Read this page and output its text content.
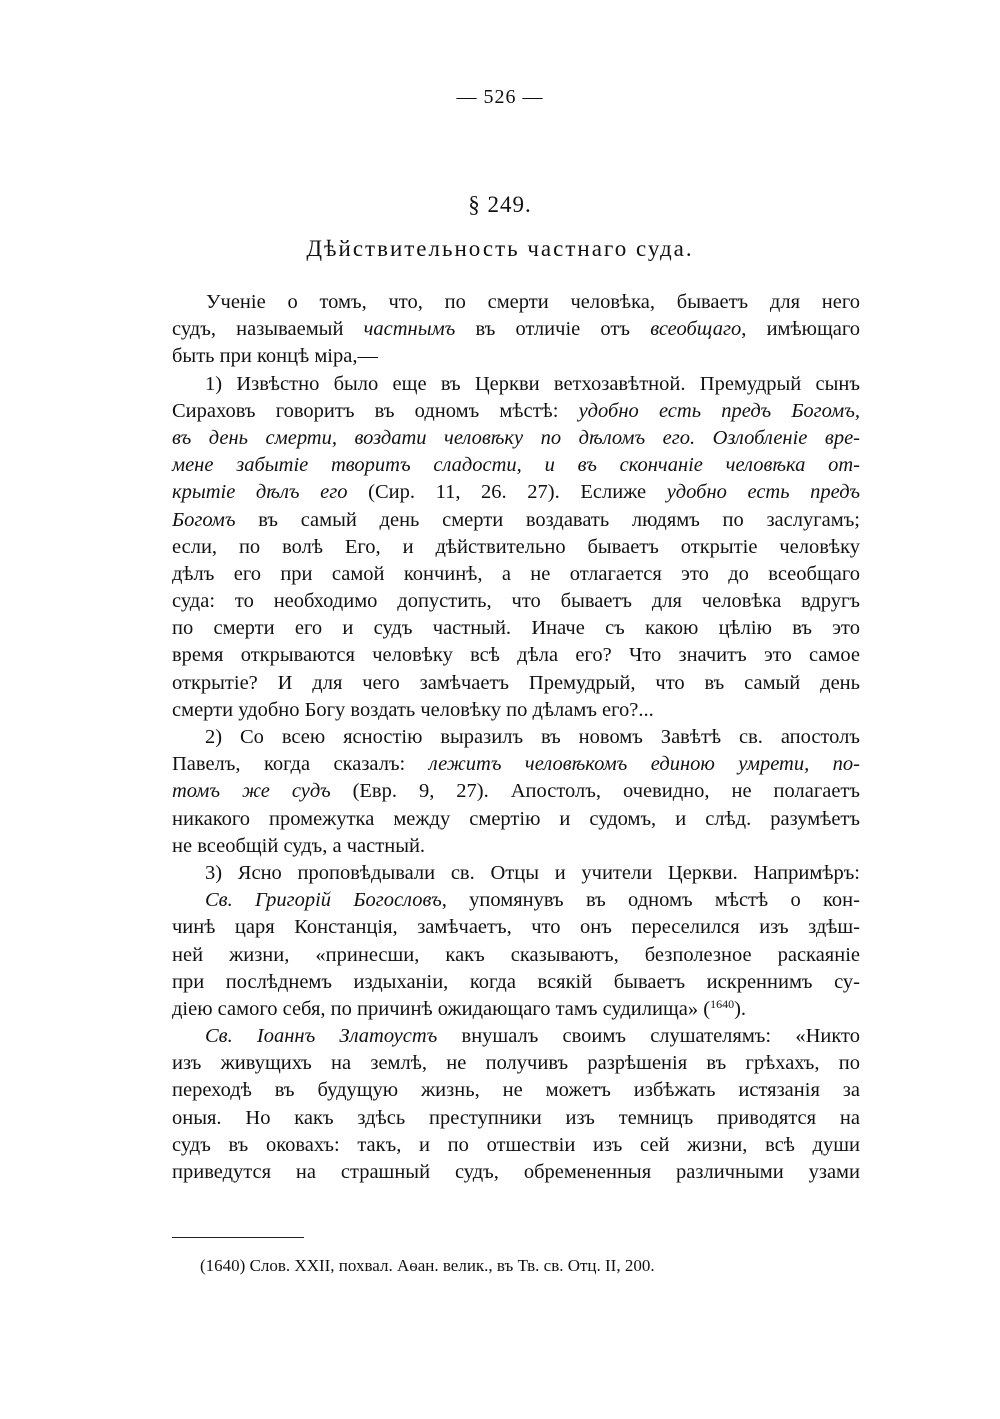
— 526 —
§ 249.
Дѣйствительность частнаго суда.
Ученіе о томъ, что, по смерти человѣка, бываетъ для него
судъ, называемый частнымъ въ отличіе отъ всеобщаго, имѣющаго
быть при концѣ міра,—
1) Извѣстно было еще въ Церкви ветхозавѣтной. Премудрый сынъ
Сираховъ говоритъ въ одномъ мѣстѣ: удобно есть предъ Богомъ,
въ день смерти, воздати человѣку по дѣломъ его. Озлобленіе вре-
мене забытіе творитъ сладости, и въ скончаніе человѣка от-
крытіе дѣлъ его (Сир. 11, 26. 27). Еслиже удобно есть предъ
Богомъ въ самый день смерти воздавать людямъ по заслугамъ;
если, по волѣ Его, и дѣйствительно бываетъ открытіе человѣку
дѣлъ его при самой кончинѣ, а не отлагается это до всеобщаго
суда: то необходимо допустить, что бываетъ для человѣка вдругъ
по смерти его и судъ частный. Иначе съ какою цѣлію въ это
время открываются человѣку всѣ дѣла его? Что значитъ это самое
открытіе? И для чего замѣчаетъ Премудрый, что въ самый день
смерти удобно Богу воздать человѣку по дѣламъ его?...
2) Со всею ясностію выразилъ въ новомъ Завѣтѣ св. апостолъ
Павелъ, когда сказалъ: лежитъ человѣкомъ единою умрети, по-
томъ же судъ (Евр. 9, 27). Апостолъ, очевидно, не полагаетъ
никакого промежутка между смертію и судомъ, и слѣд. разумѣетъ
не всеобщій судъ, а частный.
3) Ясно проповѣдывали св. Отцы и учители Церкви. Напримѣръ:
Св. Григорій Богословъ, упомянувъ въ одномъ мѣстѣ о кон-
чинѣ царя Констанція, замѣчаетъ, что онъ переселился изъ здѣш-
ней жизни, «принесши, какъ сказываютъ, безполезное раскаяніе
при послѣднемъ издыханіи, когда всякій бываетъ искреннимъ су-
діею самого себя, по причинѣ ожидающаго тамъ судилища» ($^{1640}$).
Св. Іоаннъ Златоустъ внушалъ своимъ слушателямъ: «Никто
изъ живущихъ на землѣ, не получивъ разрѣшенія въ грѣхахъ, по
переходѣ въ будущую жизнь, не можетъ избѣжать истязанія за
оныя. Но какъ здѣсь преступники изъ темницъ приводятся на
судъ въ оковахъ: такъ, и по отшествіи изъ сей жизни, всѣ души
приведутся на страшный судъ, обремененныя различными узами
(1640) Слов. XXII, похвал. Аѳан. велик., въ Тв. св. Отц. II, 200.
